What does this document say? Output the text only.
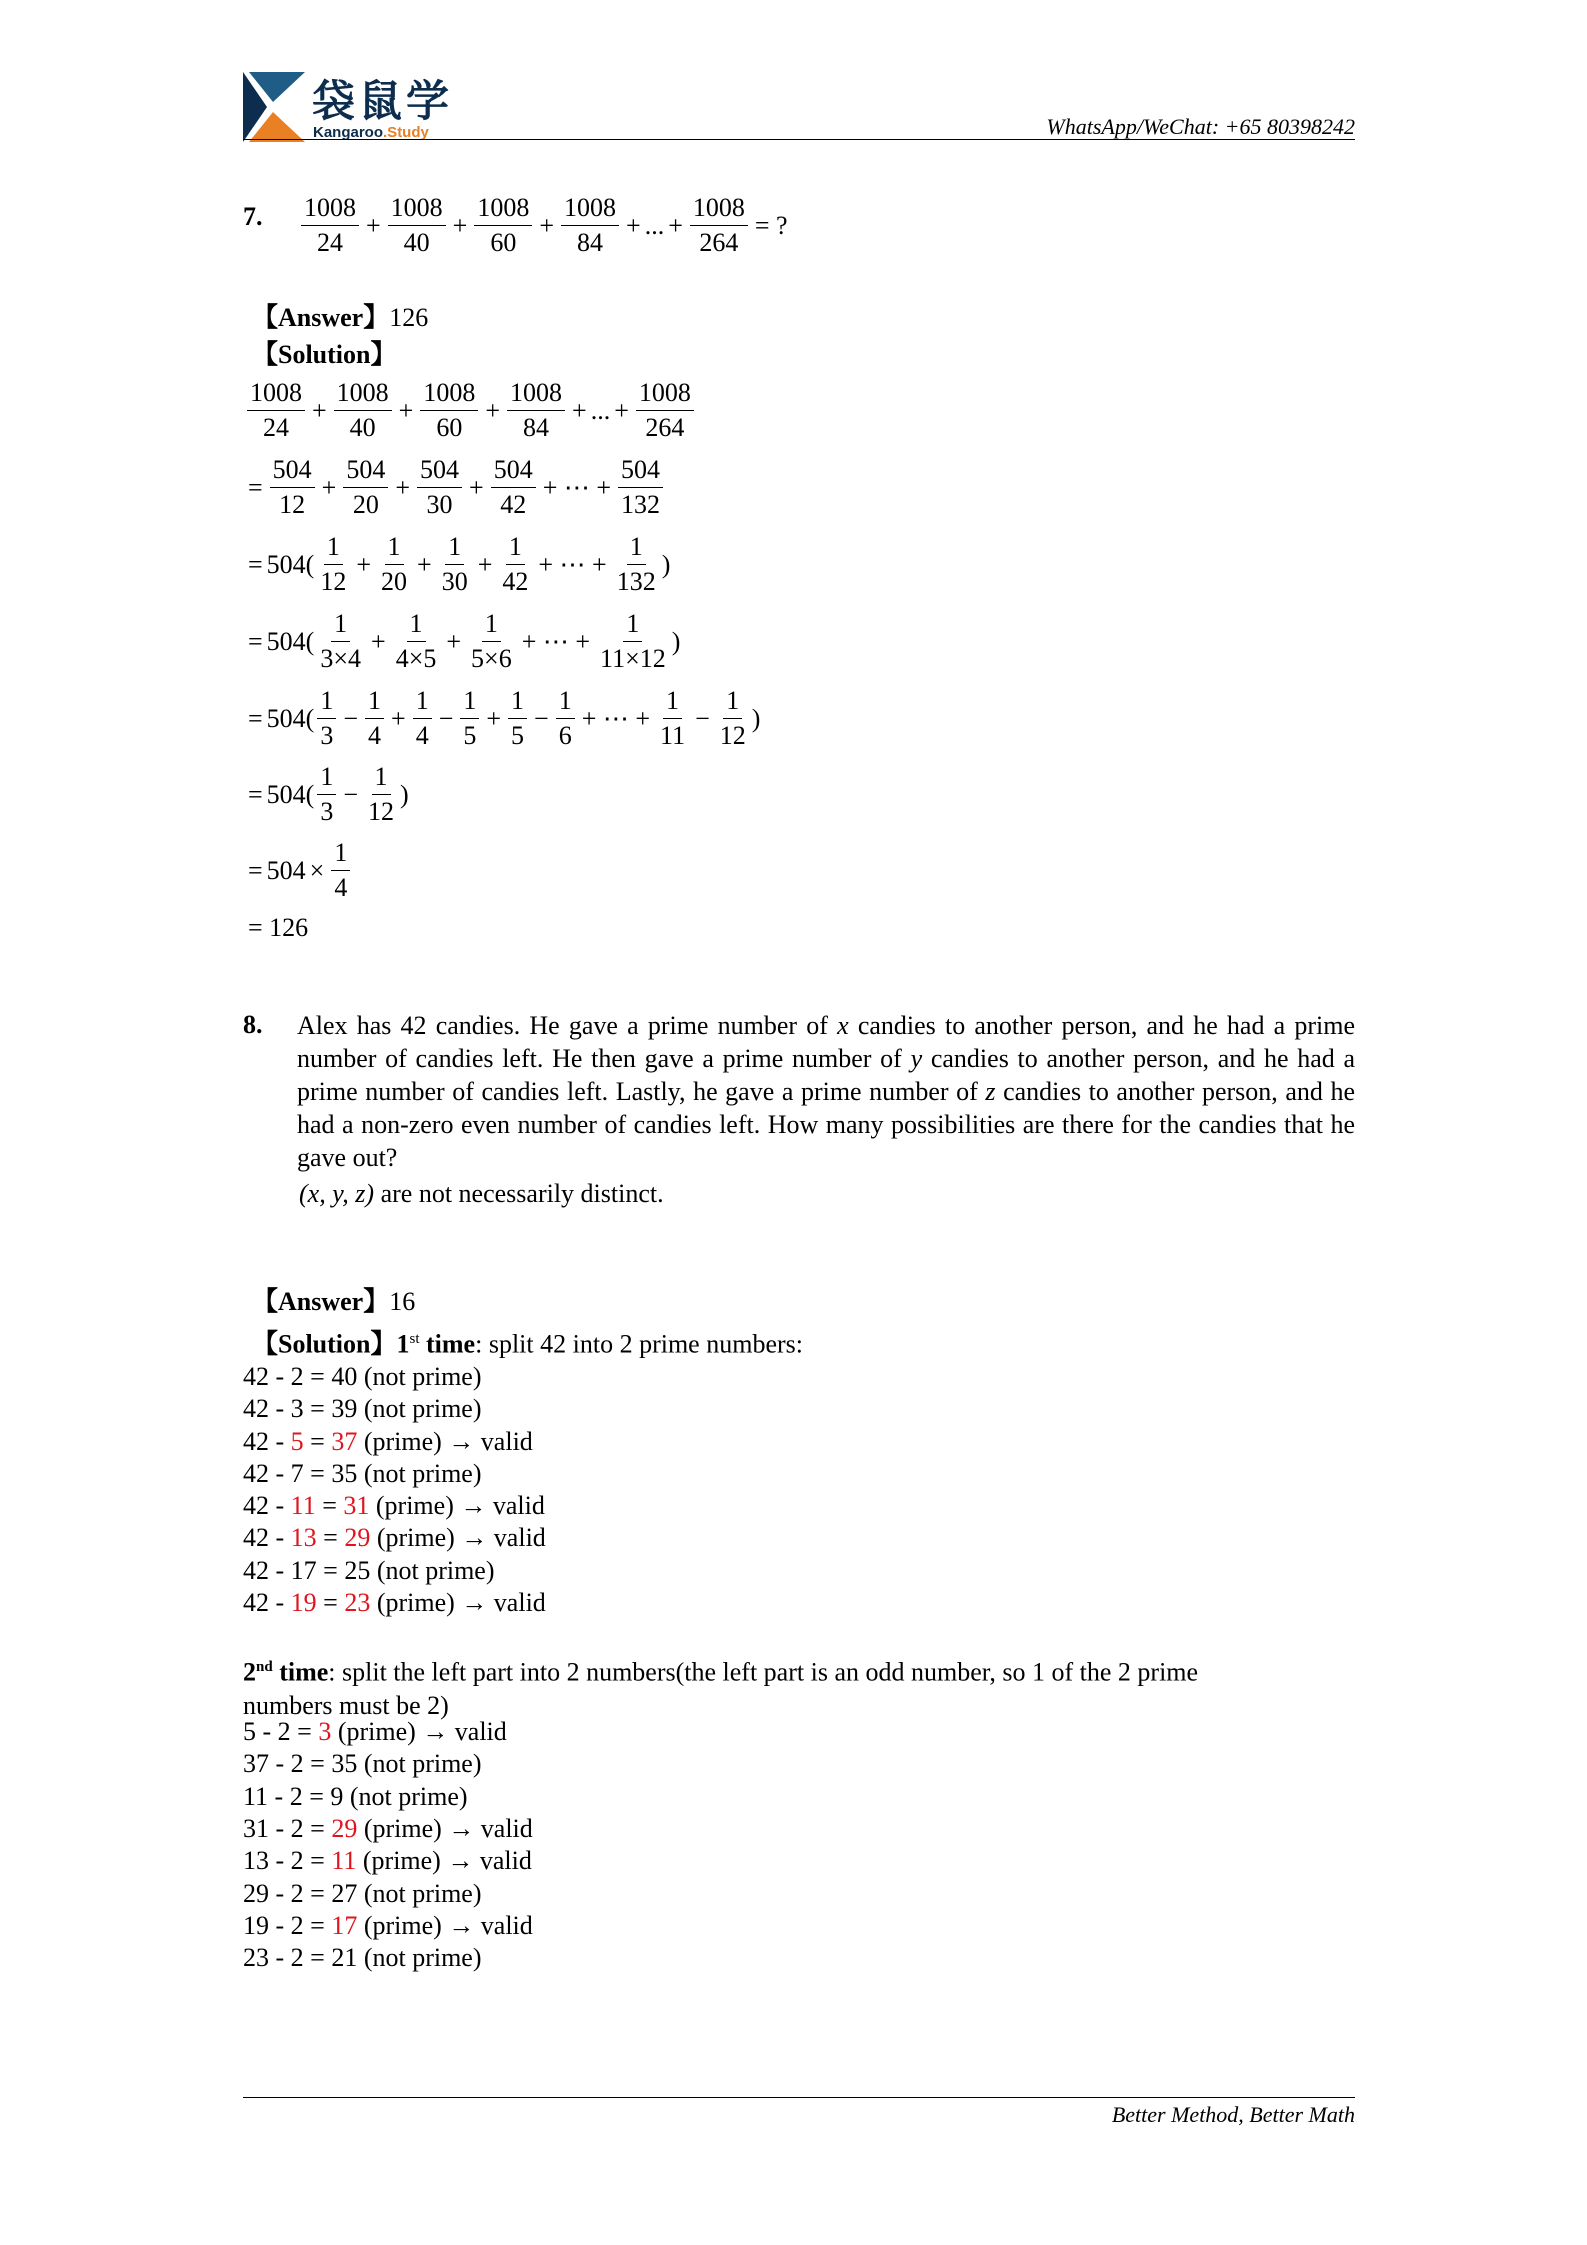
袋鼠学
Kangaroo.Study	WhatsApp/WeChat: +65 80398242
7. $\frac{1008}{24} + \frac{1008}{40} + \frac{1008}{60} + \frac{1008}{84}$ + ... + $\frac{1008}{264}$ = ?
【Answer】126
【Solution】
$\frac{1008}{24} + \frac{1008}{40} + \frac{1008}{60} + \frac{1008}{84}$ + ... + $\frac{1008}{264}$
= $\frac{504}{12} + \frac{504}{20} + \frac{504}{30} + \frac{504}{42}$ + ⋯ + $\frac{504}{132}$
= 504 ( $\frac{1}{12} + \frac{1}{20} + \frac{1}{30} + \frac{1}{42}$ + ⋯ + $\frac{1}{132}$ )
= 504 ( $\frac{1}{3\times 4} + \frac{1}{4\times 5} + \frac{1}{5\times 6}$ + ⋯ + $\frac{1}{11\times 12}$ )
= 504 ( $\frac{1}{3} - \frac{1}{4} + \frac{1}{4} - \frac{1}{5} + \frac{1}{5} - \frac{1}{6}$ + ⋯ + $\frac{1}{11} - \frac{1}{12}$ )
= 504 ( $\frac{1}{3} - \frac{1}{12}$ )
= $504 \times \frac{1}{4}$
= 126
8. Alex has 42 candies. He gave a prime number of x candies to another person, and he had a prime number of candies left. He then gave a prime number of y candies to another person, and he had a prime number of candies left. Lastly, he gave a prime number of z candies to another person, and he had a non-zero even number of candies left. How many possibilities are there for the candies that he gave out?
(x, y, z) are not necessarily distinct.
【Answer】16
【Solution】1st time: split 42 into 2 prime numbers:
42 - 2 = 40 (not prime)
42 - 3 = 39 (not prime)
42 - 5 = 37 (prime) → valid
42 - 7 = 35 (not prime)
42 - 11 = 31 (prime) → valid
42 - 13 = 29 (prime) → valid
42 - 17 = 25 (not prime)
42 - 19 = 23 (prime) → valid
2nd time: split the left part into 2 numbers(the left part is an odd number, so 1 of the 2 prime numbers must be 2)
5 - 2 = 3 (prime) → valid
37 - 2 = 35 (not prime)
11 - 2 = 9 (not prime)
31 - 2 = 29 (prime) → valid
13 - 2 = 11 (prime) → valid
29 - 2 = 27 (not prime)
19 - 2 = 17 (prime) → valid
23 - 2 = 21 (not prime)
Better Method, Better Math
